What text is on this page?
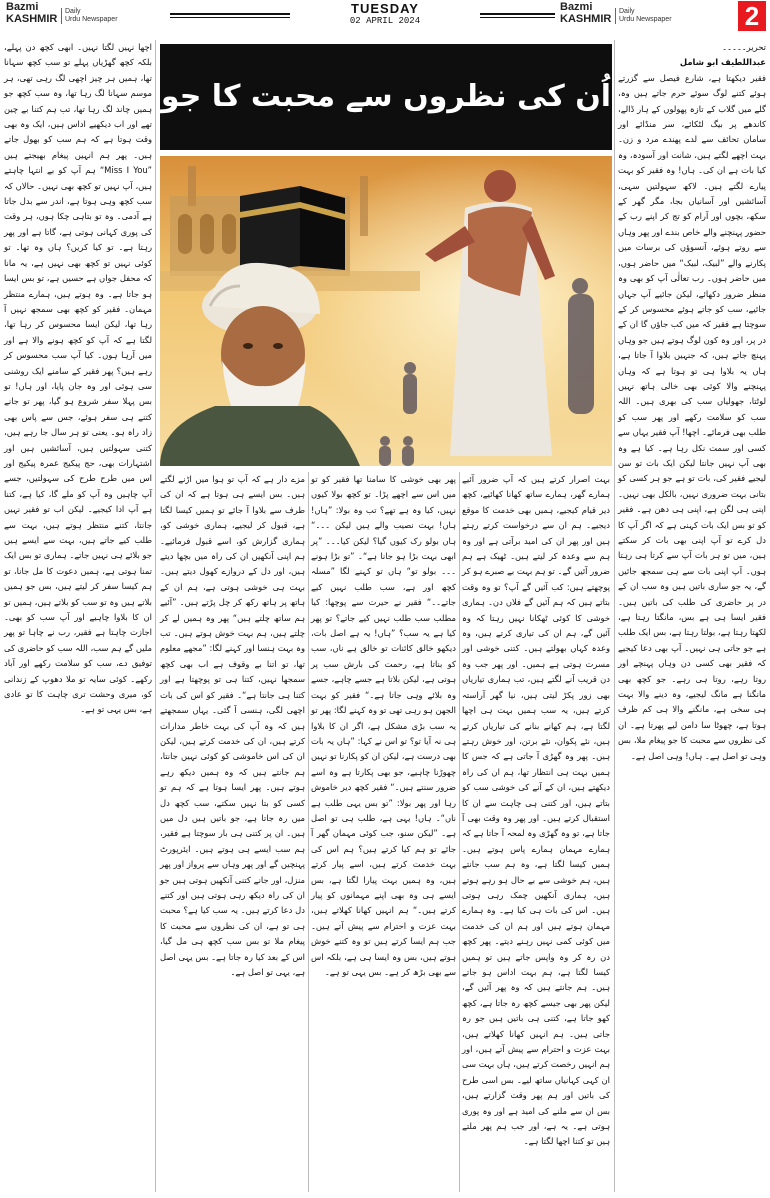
Bazmi
KASHMIR
Daily
Urdu Newspaper
TUESDAY
02 APRIL 2024
Bazmi
KASHMIR
Daily
Urdu Newspaper	2

تحریر۔۔۔۔۔

عبداللطیف ابو شامل

فقیر دیکھتا ہے، شارع فیصل سے گزرتے ہوئے کتنے لوگ سوئے حرم جاتے ہیں وہ، گلے میں گلاب کے تازہ پھولوں کے ہار ڈالے، کاندھے پر بیگ لٹکائے، سر منڈائے اور سامان تحائف سے لدے پھندے مرد و زن۔ بہت اچھے لگتے ہیں، شانت اور آسودہ، وہ کیا بات ہے ان کی۔ ہاں! وہ فقیر کو بہت پیارے لگتے ہیں۔ لاکھ سہولتیں سہی، آسائشیں اور آسانیاں بجا، مگر گھر کے سکھ، بچوں اور آرام کو تج کر اپنے رب کے حضور پہنچنے والے خاص بندے اور پھر وہاں سے روتے ہوئے، آنسوؤں کی برسات میں پکارنے والے ”لبیک، لبیک“ میں حاضر ہوں، میں حاضر ہوں۔ رب تعالٰی آپ کو بھی وہ منظر ضرور دکھائے، لیکن جائیے آپ جہاں جائیے، سب کو جاتے ہوئے محسوس کر کے سوچتا ہے فقیر کہ میں کب جاؤں گا ان کے در پر، اور وہ کون لوگ ہوتے ہیں جو وہاں پہنچ جاتے ہیں، کہ جنہیں بلاوا آ جاتا ہے، ہاں یہ بلاوا ہی تو ہوتا ہے کہ وہاں پہنچنے والا کوئی بھی خالی ہاتھ نہیں لوٹتا، جھولیاں سب کی بھری ہیں۔ اللہ سب کو سلامت رکھے اور پھر سب کو طلب بھی فرمائے۔ اچھا! آپ فقیر یہاں سے کسی اور سمت نکل رہا ہے۔ کیا ہے وہ بھی آپ نہیں جانتا لیکن ایک بات تو سن لیجیے فقیر کی، بات تو ہے جو ہر کسی کو بتانی بہت ضروری نہیں، بالکل بھی نہیں۔ اپنی ہی لگن ہے، اپنی ہی دھن ہے۔ فقیر کو تو بس ایک بات کہنی ہے کہ اگر آپ کا دل کرے تو آپ اپنی بھی بات کر سکتے ہیں، میں تو ہر بات آپ سے کرتا ہی رہتا ہوں۔ آپ اپنی بات سے ہی سمجھ جائیں گے، یہ جو ساری باتیں ہیں وہ سب ان کے در پر حاضری کی طلب کی باتیں ہیں۔ فقیر ایسا ہی ہے بس، مانگتا رہتا ہے، لکھتا رہتا ہے، بولتا رہتا ہے، بس ایک طلب ہے جو جاتی ہی نہیں۔ آپ بھی دعا کیجیے کہ فقیر بھی کسی دن وہاں پہنچے اور روتا رہے، روتا ہی رہے۔ جو کچھ بھی مانگنا ہے مانگ لیجیے، وہ دینے والا بہت ہی سخی ہے، مانگنے والا ہی کم ظرف ہوتا ہے، چھوٹا سا دامن لیے پھرتا ہے۔ ان کی نظروں سے محبت کا جو پیغام ملا، بس وہی تو اصل ہے۔ ہاں! وہی اصل ہے۔

اُن کی نظروں سے محبت کا جو

اچھا نہیں لگتا نہیں۔ ابھی کچھ دن پہلے، بلکہ کچھ گھڑیاں پہلے تو سب کچھ سہانا تھا، ہمیں ہر چیز اچھی لگ رہی تھی، ہر موسم سہانا لگ رہا تھا، وہ سب کچھ جو ہمیں چاند لگ رہا تھا، تب ہم کتنا بے چین تھے اور اب دیکھیے اداس ہیں، ایک وہ بھی وقت ہوتا ہے کہ ہم سب کو بھول جاتے ہیں۔ پھر ہم انہیں پیغام بھیجتے ہیں ”Miss I You“ ہم آپ کو بے انتہا چاہتے ہیں، آپ نہیں تو کچھ بھی نہیں۔ حالاں کہ سب کچھ وہی ہوتا ہے، اندر سے بدل جاتا ہے آدمی۔ وہ تو بتاہی چکا ہوں، ہر وقت کی پوری کہانی ہوتی ہے، گاتا ہے اور پھر رہتا ہے۔ تو کیا کریں؟ ہاں وہ تھا۔ تو کوئی نہیں تو کچھ بھی نہیں ہے، یہ مانا کہ محفل جواں ہے حسیں ہے، تو بس ایسا ہو جاتا ہے۔ وہ ہوتے ہیں، ہمارے منتظر مہمان۔ فقیر کو کچھ بھی سمجھ نہیں آ رہا تھا، لیکن ایسا محسوس کر رہا تھا، لگتا ہے کہ آپ کو کچھ ہونے والا ہے اور میں آرہا ہوں۔ کیا آپ سب محسوس کر رہے ہیں؟ پھر فقیر کے سامنے ایک روشنی سی ہوئی اور وہ جان پایا، اور ہاں! تو بس پہلا سفر شروع ہو گیا، پھر تو جانے کتنے ہی سفر ہوئے، جس سے پاس بھی زاد راہ ہو۔ یعنی تو ہر سال جا رہے ہیں، کتنی سہولتیں ہیں، آسائشیں ہیں اور اشتہارات بھی، حج پیکیج عمرہ پیکیج اور اس میں طرح طرح کی سہولتیں، جسے آپ چاہیں وہ آپ کو ملے گا، کیا ہے، کتنا ہے آپ ادا کیجیے۔ لیکن اب تو فقیر نہیں جانتا، کتنے منتظر ہوتے ہیں، بہت سے طلب کیے جاتے ہیں، بہت سے ایسے ہیں جو بلائے ہی نہیں جاتے۔ ہماری تو بس ایک تمنا ہوتی ہے، ہمیں دعوت کا مل جانا، تو ہم کیسا سفر کر لیتے ہیں، بس جو ہمیں بلاتے ہیں وہ تو سب کو بلاتے ہیں، ہمیں تو ان کا بلاوا چاہیے اور آپ سب کو بھی۔ اجازت چاہتا ہے فقیر، رب نے چاہا تو پھر ملیں گے ہم سب، اللہ سب کو حاضری کی توفیق دے، سب کو سلامت رکھے اور آباد رکھے۔ کوئی سایہ تو ملا دھوپ کے زندانی کو، میری وحشت تری چاہت کا تو عادی ہے، بس یہی تو ہے۔

بہت اصرار کرتے ہیں کہ آپ ضرور آئیے ہمارے گھر، ہمارے ساتھ کھانا کھائیے، کچھ دیر قیام کیجیے، ہمیں بھی خدمت کا موقع دیجیے۔ ہم ان سے درخواست کرتے رہتے ہیں اور پھر ان کی امید برآتی ہے اور وہ ہم سے وعدہ کر لیتے ہیں۔ ٹھیک ہے ہم ضرور آئیں گے۔ تو ہم بہت بے صبرے ہو کر پوچھتے ہیں: کب آئیں گے آپ؟ تو وہ وقت بتاتے ہیں کہ ہم آئیں گے فلاں دن۔ ہماری خوشی کا کوئی ٹھکانا نہیں رہتا کہ وہ آئیں گے، ہم ان کی تیاری کرتے ہیں، وہ وعدہ کہاں بھولتے ہیں۔ کتنی خوشی اور مسرت ہوتی ہے ہمیں۔ اور پھر جب وہ دن قریب آنے لگتے ہیں، تب ہماری تیاریاں بھی زور پکڑ لیتی ہیں، نیا گھر آراستہ کرتے ہیں، یہ سب ہمیں بہت ہی اچھا لگتا ہے، ہم کھانے بنانے کی تیاریاں کرتے ہیں، نئے پکوان، نئے برتن، اور خوش رہتے ہیں۔ پھر وہ گھڑی آ جاتی ہے کہ جس کا ہمیں بہت ہی انتظار تھا، ہم ان کی راہ دیکھتے ہیں، ان کے آنے کی خوشی سب کو بتاتے ہیں، اور کتنی ہی چاہت سے ان کا استقبال کرتے ہیں۔ اور پھر وہ وقت بھی آ جاتا ہے، تو وہ گھڑی وہ لمحہ آ جاتا ہے کہ ہمارے مہمان ہمارے پاس ہوتے ہیں۔ ہمیں کیسا لگتا ہے، وہ ہم سب جانتے ہیں، ہم خوشی سے بے حال ہو رہے ہوتے ہیں، ہماری آنکھیں چمک رہی ہوتی ہیں۔ اس کی بات ہی کیا ہے۔ وہ ہمارے مہمان ہوتے ہیں اور ہم ان کی خدمت میں کوئی کمی نہیں رہنے دیتے۔ پھر کچھ دن رہ کر وہ واپس جاتے ہیں تو ہمیں کیسا لگتا ہے، ہم بہت اداس ہو جاتے ہیں۔ ہم جانتے ہیں کہ وہ پھر آئیں گے، لیکن پھر بھی جیسے کچھ رہ جاتا ہے، کچھ کھو جاتا ہے، کتنی ہی باتیں ہیں جو رہ جاتی ہیں۔ ہم انہیں کھانا کھلاتے ہیں، بہت عزت و احترام سے پیش آتے ہیں، اور ہم انہیں رخصت کرتے ہیں، ہاں بہت سی ان کہی کہانیاں ساتھ لیے۔ بس اسی طرح کی باتیں اور ہم پھر وقت گزارتے ہیں، بس ان سے ملنے کی امید ہے اور وہ پوری ہوتی ہے۔ یہ ہے، اور جب ہم پھر ملتے ہیں تو کتنا اچھا لگتا ہے۔

پھر بھی خوشی کا سامنا تھا فقیر کو تو میں اس سے اچھے پڑا۔ تو کچھ بولا کیوں نہیں، کیا وہ ہے تھے؟ تب وہ بولا: ”ہاں! ہاں! بہت نصیب والے ہیں لیکن ۔۔۔“ ہاں بولو رک کیوں گیا؟ لیکن کیا۔۔۔ ”پر ابھی بہت بڑا ہو جانا ہے“۔ ”تو بڑا ہونے ۔۔۔ بولو تو“ ہاں تو کہنے لگا ”مسلہ کچھ اور ہے، سب طلب نہیں کیے جاتے۔۔“ فقیر نے حیرت سے پوچھا: کیا مطلب سب طلب نہیں کیے جاتے؟ تو پھر کیا ہے یہ سب؟ ”ہاں! یہ ہے اصل بات، دیکھو خالق کائنات تو خالق ہے ناں، سب کو بناتا ہے، رحمت کی بارش سب پر ہوتی ہے، لیکن بلاتا ہے جسے چاہے، جسے وہ بلائے وہی جاتا ہے۔“ فقیر کو بہت الجھن ہو رہی تھی تو وہ کہنے لگا: پھر تو یہ سب بڑی مشکل ہے، اگر ان کا بلاوا ہی نہ آیا تو؟ تو اس نے کہا: ”ہاں یہ بات بھی درست ہے، لیکن ان کو پکارنا تو نہیں چھوڑنا چاہیے، جو بھی پکارتا ہے وہ اسے ضرور سنتے ہیں۔“ فقیر کچھ دیر خاموش رہا اور پھر بولا: ”تو بس یہی طلب ہے ناں“۔ ہاں! یہی ہے، طلب ہی تو اصل ہے۔ ”لیکن سنو، جب کوئی مہمان گھر آ جائے تو ہم کیا کرتے ہیں؟ ہم اس کی بہت خدمت کرتے ہیں، اسے پیار کرتے ہیں، وہ ہمیں بہت پیارا لگتا ہے، بس ایسے ہی وہ بھی اپنے مہمانوں کو پیار کرتے ہیں۔“ ہم انہیں کھانا کھلاتے ہیں، بہت عزت و احترام سے پیش آتے ہیں۔ جب ہم ایسا کرتے ہیں تو وہ کتنے خوش ہوتے ہیں، بس وہ ایسا ہی ہے، بلکہ اس سے بھی بڑھ کر ہے۔ بس یہی تو ہے۔

مزے دار ہے کہ آپ تو ہوا میں اڑنے لگتے ہیں۔ بس ایسے ہی ہوتا ہے کہ ان کی طرف سے بلاوا آ جائے تو ہمیں کیسا لگتا ہے، قبول کر لیجیے، ہماری خوشی کو، ہماری گزارش کو، اسے قبول فرمائیے۔ ہم اپنی آنکھیں ان کی راہ میں بچھا دیتے ہیں، اور دل کے دروازے کھول دیتے ہیں۔ بہت ہی خوشی ہوتی ہے، ہم ان کے ہاتھ پر ہاتھ رکھ کر چل پڑتے ہیں۔ ”آئیے ہم ساتھ چلتے ہیں“ پھر وہ ہمیں لے کر چلتے ہیں، ہم بہت خوش ہوتے ہیں۔ تب وہ بہت ہنسا اور کہنے لگا: ”مجھے معلوم تھا، تو اتنا بے وقوف ہے اب بھی کچھ سمجھا نہیں، کتنا ہی تو پوچھتا ہے اور کتنا ہی جانتا ہے“۔ فقیر کو اس کی بات اچھی لگی، ہنسی آ گئی۔ یہاں سمجھتے ہیں کہ وہ آپ کی بہت خاطر مدارات کرتے ہیں، ان کی خدمت کرتے ہیں، لیکن ان کی اس خاموشی کو کوئی نہیں جانتا، ہم جانتے ہیں کہ وہ ہمیں دیکھ رہے ہوتے ہیں۔ پھر ایسا ہوتا ہے کہ ہم تو کسی کو بتا نہیں سکتے، سب کچھ دل میں رہ جاتا ہے، جو باتیں ہیں دل میں ہیں۔ ان پر کتنی ہی بار سوچتا ہے فقیر، ہم سب ایسے ہی ہوتے ہیں۔ ایئرپورٹ پہنچیں گے اور پھر وہاں سے پرواز اور پھر منزل، اور جانے کتنی آنکھیں ہوتی ہیں جو ان کی راہ دیکھ رہی ہوتی ہیں اور کتنے دل دعا کرتے ہیں۔ یہ سب کیا ہے؟ محبت ہی تو ہے، ان کی نظروں سے محبت کا پیغام ملا تو بس سب کچھ ہی مل گیا، اس کے بعد کیا رہ جاتا ہے۔ بس یہی اصل ہے، یہی تو اصل ہے۔
